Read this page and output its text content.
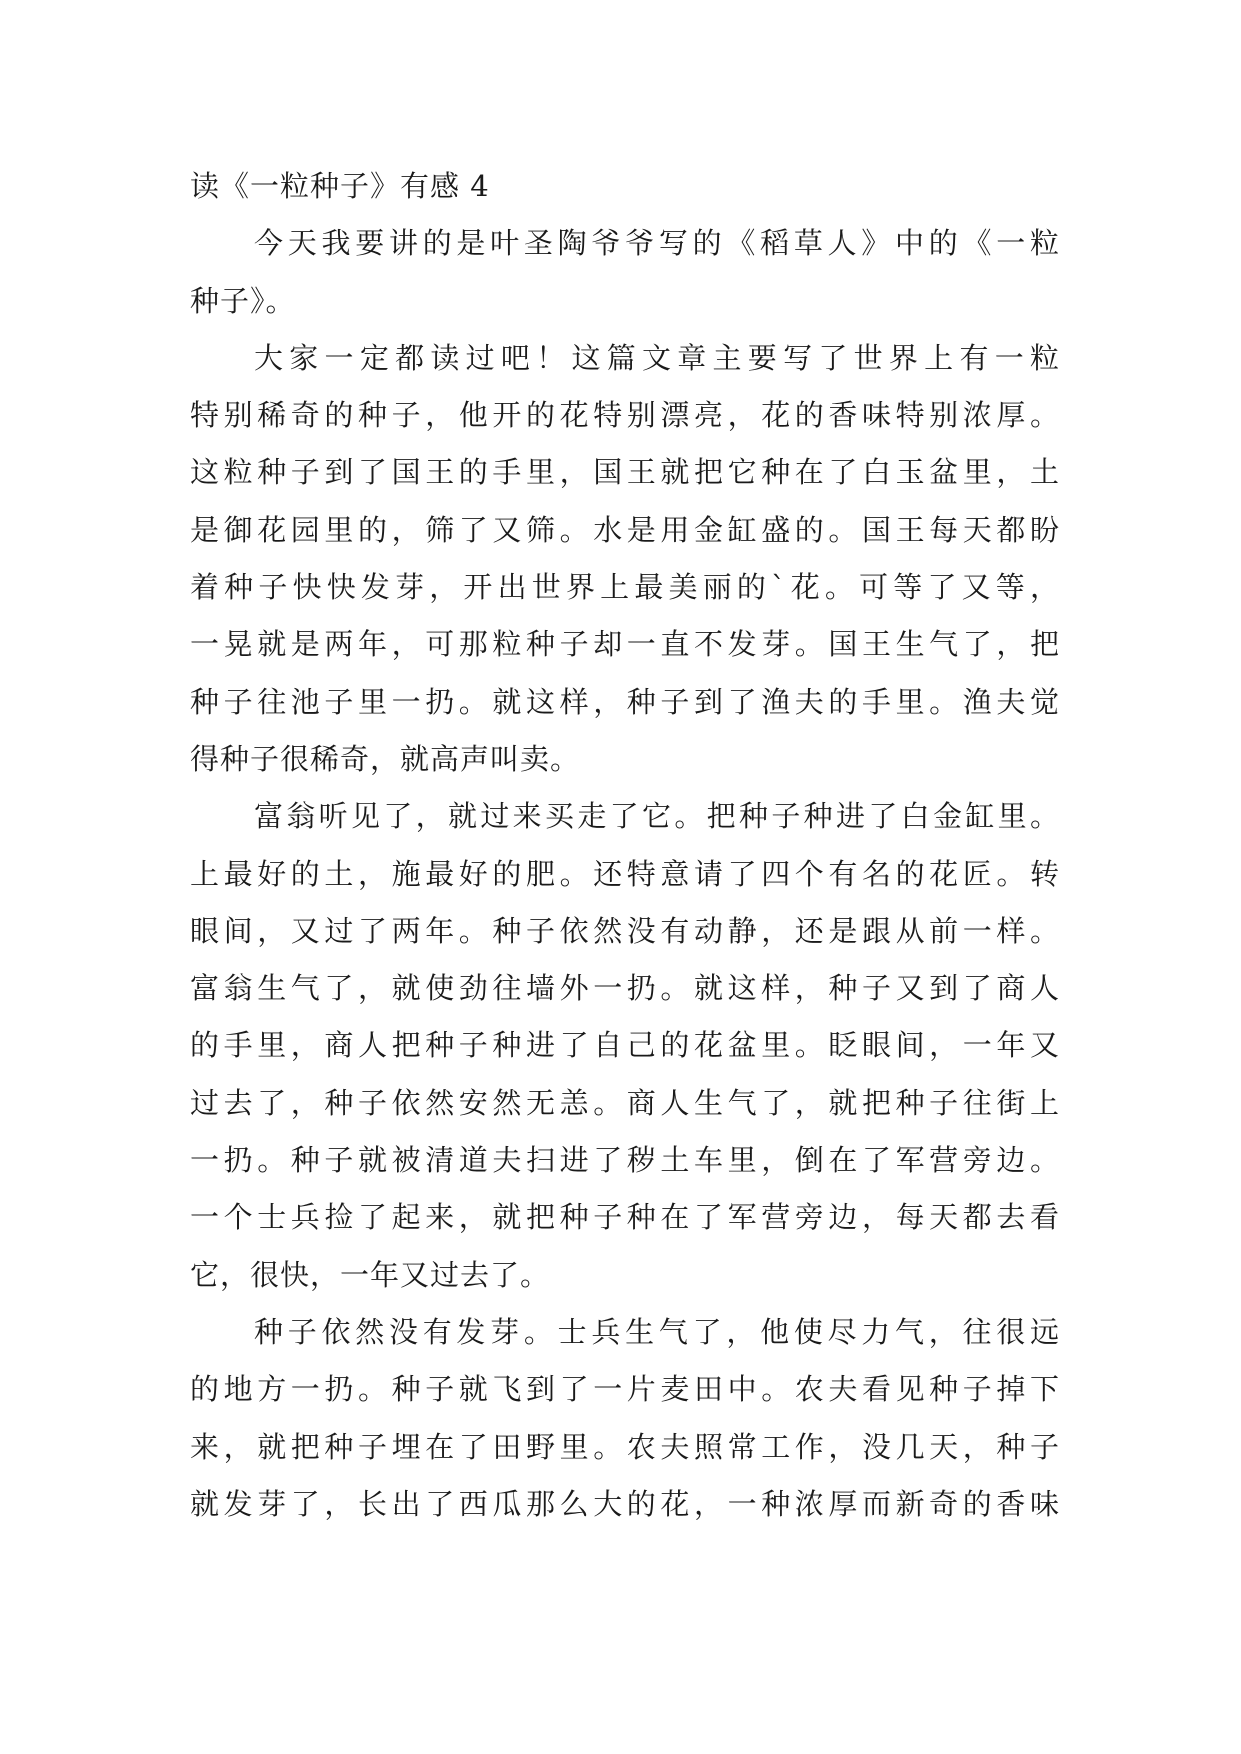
读《一粒种子》有感 4

今天我要讲的是叶圣陶爷爷写的《稻草人》中的《一粒
种子》。

大家一定都读过吧！这篇文章主要写了世界上有一粒
特别稀奇的种子，他开的花特别漂亮，花的香味特别浓厚。
这粒种子到了国王的手里，国王就把它种在了白玉盆里，土
是御花园里的，筛了又筛。水是用金缸盛的。国王每天都盼
着种子快快发芽，开出世界上最美丽的`花。可等了又等，
一晃就是两年，可那粒种子却一直不发芽。国王生气了，把
种子往池子里一扔。就这样，种子到了渔夫的手里。渔夫觉
得种子很稀奇，就高声叫卖。

富翁听见了，就过来买走了它。把种子种进了白金缸里。
上最好的土，施最好的肥。还特意请了四个有名的花匠。转
眼间，又过了两年。种子依然没有动静，还是跟从前一样。
富翁生气了，就使劲往墙外一扔。就这样，种子又到了商人
的手里，商人把种子种进了自己的花盆里。眨眼间，一年又
过去了，种子依然安然无恙。商人生气了，就把种子往街上
一扔。种子就被清道夫扫进了秽土车里，倒在了军营旁边。
一个士兵捡了起来，就把种子种在了军营旁边，每天都去看
它，很快，一年又过去了。

种子依然没有发芽。士兵生气了，他使尽力气，往很远
的地方一扔。种子就飞到了一片麦田中。农夫看见种子掉下
来，就把种子埋在了田野里。农夫照常工作，没几天，种子
就发芽了，长出了西瓜那么大的花，一种浓厚而新奇的香味
